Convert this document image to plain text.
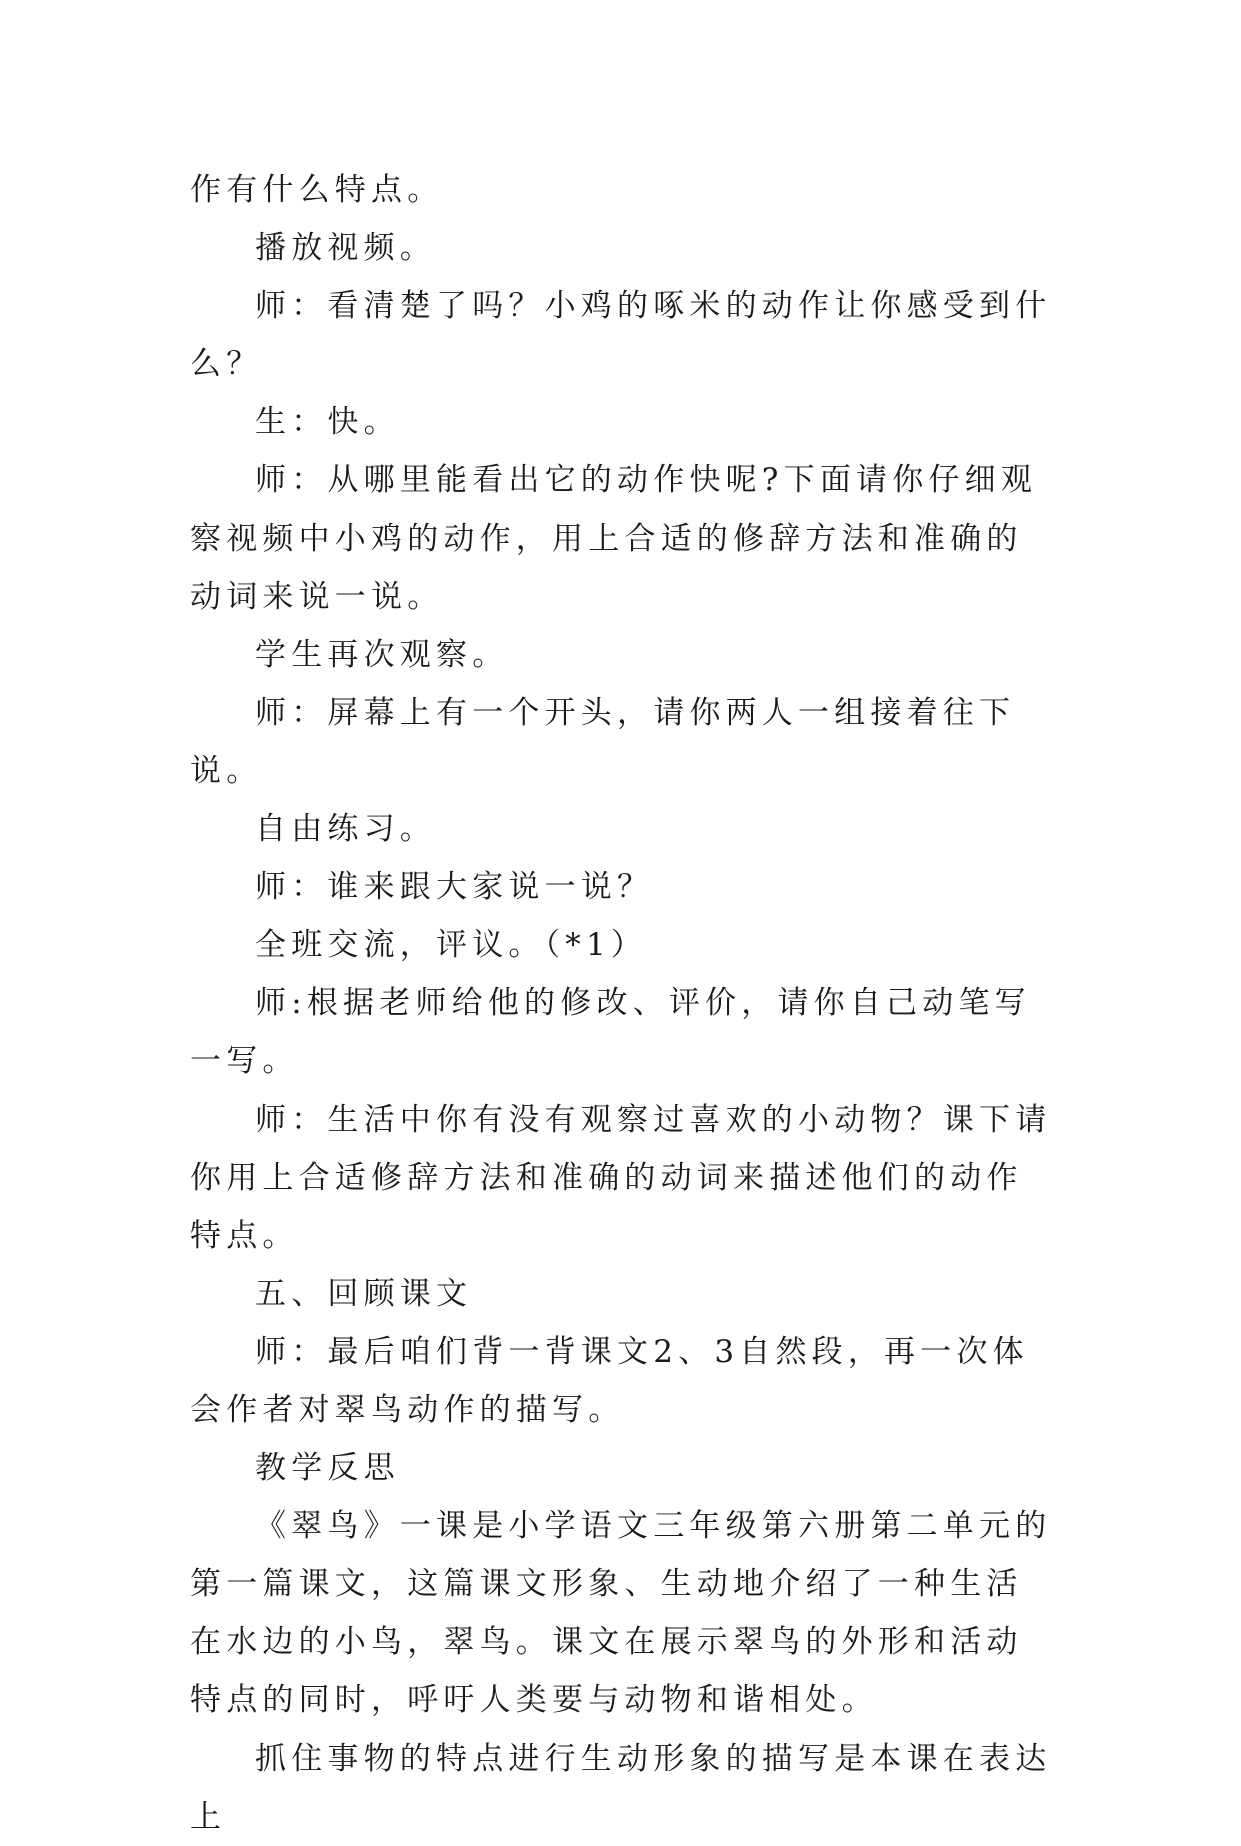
作有什么特点。

播放视频。

师：看清楚了吗？小鸡的啄米的动作让你感受到什么？

生：快。

师：从哪里能看出它的动作快呢?下面请你仔细观察视频中小鸡的动作，用上合适的修辞方法和准确的动词来说一说。

学生再次观察。

师：屏幕上有一个开头，请你两人一组接着往下说。

自由练习。

师：谁来跟大家说一说？

全班交流，评议。（*1）

师:根据老师给他的修改、评价，请你自己动笔写一写。

师：生活中你有没有观察过喜欢的小动物？课下请你用上合适修辞方法和准确的动词来描述他们的动作特点。

五、回顾课文

师：最后咱们背一背课文2、3自然段，再一次体会作者对翠鸟动作的描写。

教学反思

《翠鸟》一课是小学语文三年级第六册第二单元的第一篇课文，这篇课文形象、生动地介绍了一种生活在水边的小鸟，翠鸟。课文在展示翠鸟的外形和活动特点的同时，呼吁人类要与动物和谐相处。

抓住事物的特点进行生动形象的描写是本课在表达上
